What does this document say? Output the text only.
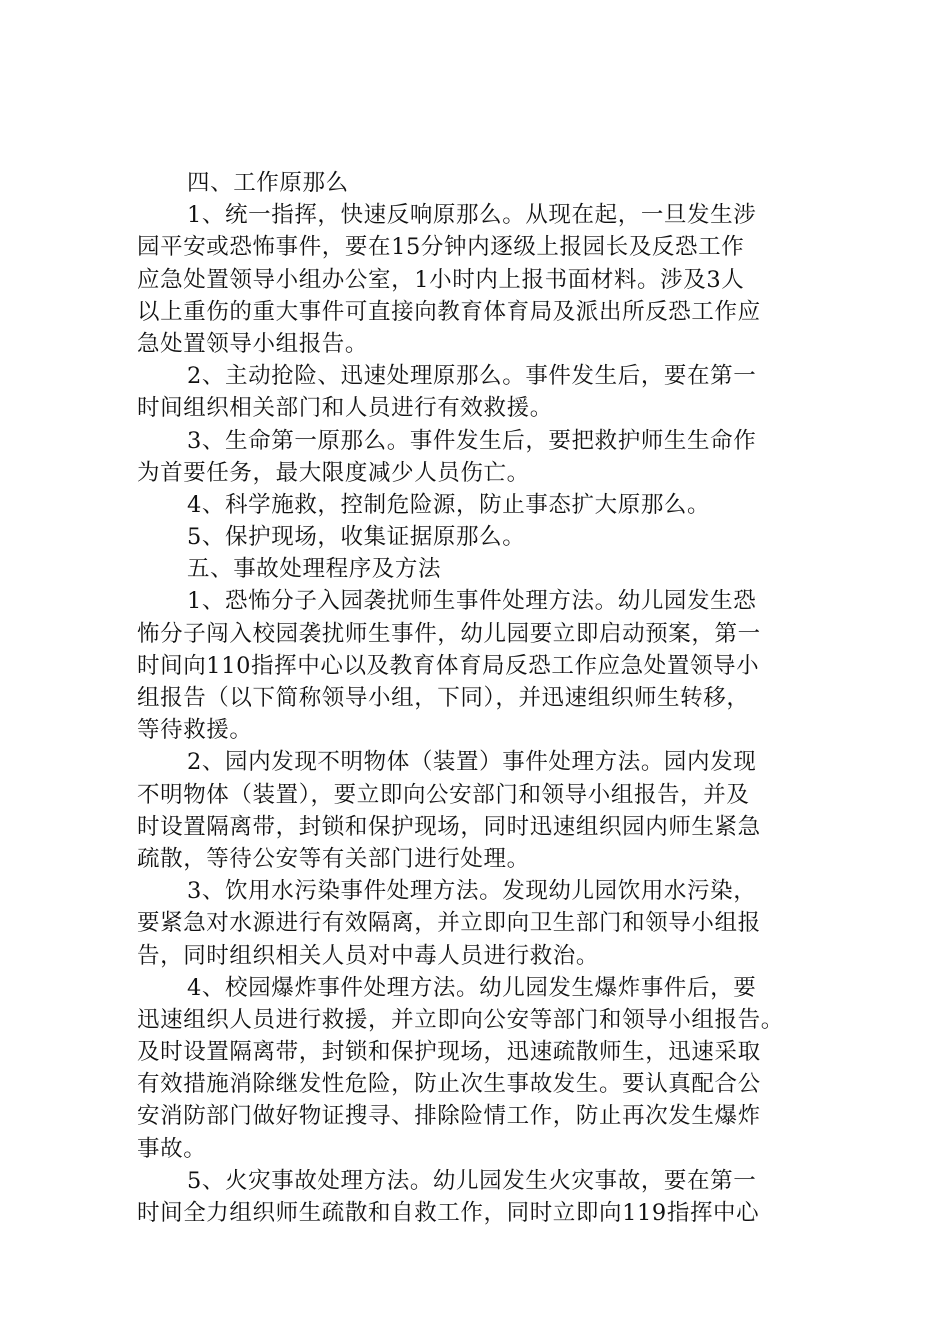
四、工作原那么
1、统一指挥，快速反响原那么。从现在起，一旦发生涉
园平安或恐怖事件，要在15分钟内逐级上报园长及反恐工作
应急处置领导小组办公室，1小时内上报书面材料。涉及3人
以上重伤的重大事件可直接向教育体育局及派出所反恐工作应
急处置领导小组报告。
2、主动抢险、迅速处理原那么。事件发生后，要在第一
时间组织相关部门和人员进行有效救援。
3、生命第一原那么。事件发生后，要把救护师生生命作
为首要任务，最大限度减少人员伤亡。
4、科学施救，控制危险源，防止事态扩大原那么。
5、保护现场，收集证据原那么。
五、事故处理程序及方法
1、恐怖分子入园袭扰师生事件处理方法。幼儿园发生恐
怖分子闯入校园袭扰师生事件，幼儿园要立即启动预案，第一
时间向110指挥中心以及教育体育局反恐工作应急处置领导小
组报告（以下简称领导小组，下同），并迅速组织师生转移，
等待救援。
2、园内发现不明物体（装置）事件处理方法。园内发现
不明物体（装置），要立即向公安部门和领导小组报告，并及
时设置隔离带，封锁和保护现场，同时迅速组织园内师生紧急
疏散，等待公安等有关部门进行处理。
3、饮用水污染事件处理方法。发现幼儿园饮用水污染，
要紧急对水源进行有效隔离，并立即向卫生部门和领导小组报
告，同时组织相关人员对中毒人员进行救治。
4、校园爆炸事件处理方法。幼儿园发生爆炸事件后，要
迅速组织人员进行救援，并立即向公安等部门和领导小组报告。
及时设置隔离带，封锁和保护现场，迅速疏散师生，迅速采取
有效措施消除继发性危险，防止次生事故发生。要认真配合公
安消防部门做好物证搜寻、排除险情工作，防止再次发生爆炸
事故。
5、火灾事故处理方法。幼儿园发生火灾事故，要在第一
时间全力组织师生疏散和自救工作，同时立即向119指挥中心
